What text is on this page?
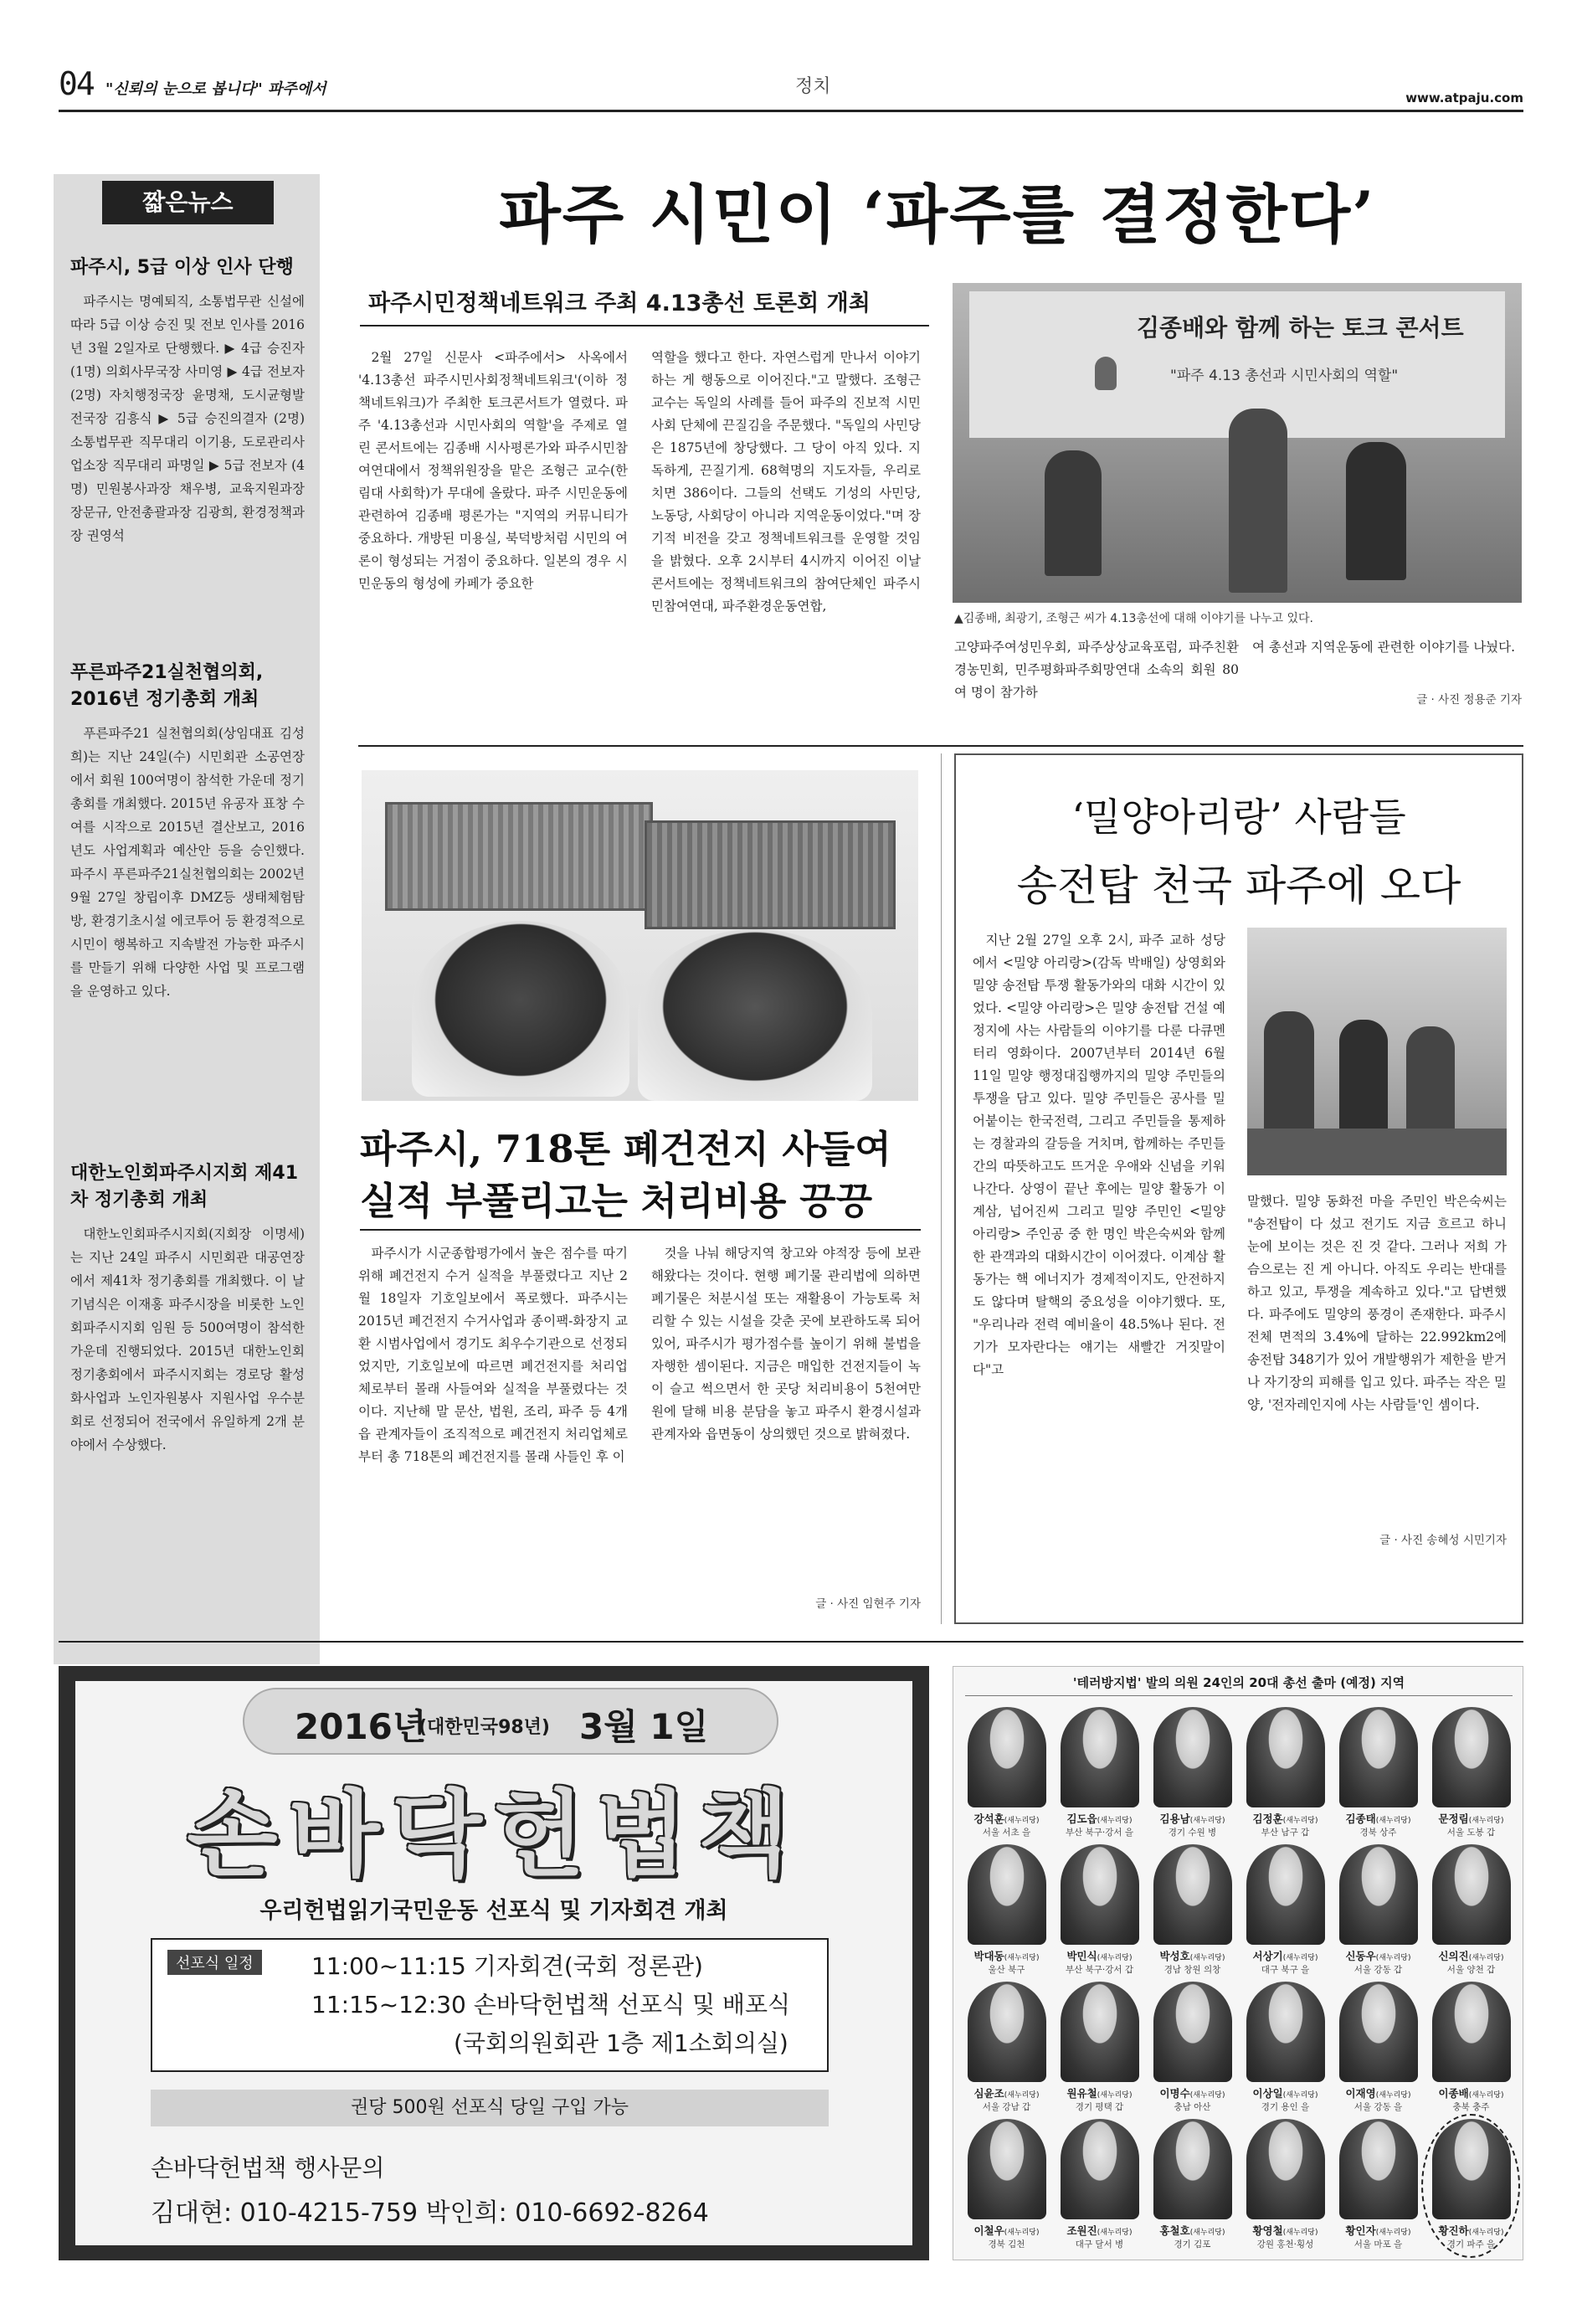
04 "신뢰의 눈으로 봅니다" 파주에서	정치
www.atpaju.com
짧은뉴스
파주시, 5급 이상 인사 단행
파주시는 명예퇴직, 소통법무관 신설에 따라 5급 이상 승진 및 전보 인사를 2016년 3월 2일자로 단행했다. ▶ 4급 승진자 (1명) 의회사무국장 사미영 ▶ 4급 전보자 (2명) 자치행정국장 윤명채, 도시균형발전국장 김흥식 ▶ 5급 승진의결자 (2명) 소통법무관 직무대리 이기용, 도로관리사업소장 직무대리 파명일 ▶ 5급 전보자 (4명) 민원봉사과장 채우병, 교육지원과장 장문규, 안전총괄과장 김광희, 환경정책과장 권영석
푸른파주21실천협의회, 2016년 정기총회 개최
푸른파주21 실천협의회(상임대표 김성희)는 지난 24일(수) 시민회관 소공연장에서 회원 100여명이 참석한 가운데 정기총회를 개최했다. 2015년 유공자 표창 수여를 시작으로 2015년 결산보고, 2016년도 사업계획과 예산안 등을 승인했다. 파주시 푸른파주21실천협의회는 2002년 9월 27일 창립이후 DMZ등 생태체험탐방, 환경기초시설 에코투어 등 환경적으로 시민이 행복하고 지속발전 가능한 파주시를 만들기 위해 다양한 사업 및 프로그램을 운영하고 있다.
대한노인회파주시지회 제41차 정기총회 개최
대한노인회파주시지회(지회장 이명세)는 지난 24일 파주시 시민회관 대공연장에서 제41차 정기총회를 개최했다. 이 날 기념식은 이재홍 파주시장을 비롯한 노인회파주시지회 임원 등 500여명이 참석한 가운데 진행되었다. 2015년 대한노인회 정기총회에서 파주시지회는 경로당 활성화사업과 노인자원봉사 지원사업 우수분회로 선정되어 전국에서 유일하게 2개 분야에서 수상했다.
파주 시민이 ‘파주를 결정한다’
파주시민정책네트워크 주최 4.13총선 토론회 개최
2월 27일 신문사 <파주에서> 사옥에서 '4.13총선 파주시민사회정책네트워크'(이하 정책네트워크)가 주최한 토크콘서트가 열렸다. 파주 '4.13총선과 시민사회의 역할'을 주제로 열린 콘서트에는 김종배 시사평론가와 파주시민참여연대에서 정책위원장을 맡은 조형근 교수(한림대 사회학)가 무대에 올랐다. 파주 시민운동에 관련하여 김종배 평론가는 "지역의 커뮤니티가 중요하다. 개방된 미용실, 북덕방처럼 시민의 여론이 형성되는 거점이 중요하다. 일본의 경우 시민운동의 형성에 카페가 중요한
역할을 했다고 한다. 자연스럽게 만나서 이야기하는 게 행동으로 이어진다."고 말했다. 조형근 교수는 독일의 사례를 들어 파주의 진보적 시민사회 단체에 끈질김을 주문했다. "독일의 사민당은 1875년에 창당했다. 그 당이 아직 있다. 지독하게, 끈질기게. 68혁명의 지도자들, 우리로 치면 386이다. 그들의 선택도 기성의 사민당, 노동당, 사회당이 아니라 지역운동이었다."며 장기적 비전을 갖고 정책네트워크를 운영할 것임을 밝혔다. 오후 2시부터 4시까지 이어진 이날 콘서트에는 정책네트워크의 참여단체인 파주시민참여연대, 파주환경운동연합,
김종배와 함께 하는 토크 콘서트
"파주 4.13 총선과 시민사회의 역할"
▲김종배, 최광기, 조형근 씨가 4.13총선에 대해 이야기를 나누고 있다.
고양파주여성민우회, 파주상상교육포럼, 파주친환경농민회, 민주평화파주회망연대 소속의 회원 80여 명이 참가하
여 총선과 지역운동에 관련한 이야기를 나눴다.
글 · 사진 정용준 기자
파주시, 718톤 폐건전지 사들여
실적 부풀리고는 처리비용 끙끙
파주시가 시군종합평가에서 높은 점수를 따기 위해 폐건전지 수거 실적을 부풀렸다고 지난 2월 18일자 기호일보에서 폭로했다. 파주시는 2015년 폐건전지 수거사업과 종이팩-화장지 교환 시범사업에서 경기도 최우수기관으로 선정되었지만, 기호일보에 따르면 폐건전지를 처리업체로부터 몰래 사들여와 실적을 부풀렸다는 것이다. 지난해 말 문산, 법원, 조리, 파주 등 4개 읍 관계자들이 조직적으로 폐건전지 처리업체로부터 총 718톤의 폐건전지를 몰래 사들인 후 이
것을 나눠 해당지역 창고와 야적장 등에 보관해왔다는 것이다. 현행 폐기물 관리법에 의하면 폐기물은 처분시설 또는 재활용이 가능토록 처리할 수 있는 시설을 갖춘 곳에 보관하도록 되어 있어, 파주시가 평가점수를 높이기 위해 불법을 자행한 셈이된다. 지금은 매입한 건전지들이 녹이 슬고 썩으면서 한 곳당 처리비용이 5천여만원에 달해 비용 분담을 놓고 파주시 환경시설과 관계자와 읍면동이 상의했던 것으로 밝혀졌다.
글 · 사진 임현주 기자
‘밀양아리랑’ 사람들
송전탑 천국 파주에 오다
지난 2월 27일 오후 2시, 파주 교하 성당에서 <밀양 아리랑>(감독 박배일) 상영회와 밀양 송전탑 투쟁 활동가와의 대화 시간이 있었다. <밀양 아리랑>은 밀양 송전탑 건설 예정지에 사는 사람들의 이야기를 다룬 다큐멘터리 영화이다. 2007년부터 2014년 6월 11일 밀양 행정대집행까지의 밀양 주민들의 투쟁을 담고 있다. 밀양 주민들은 공사를 밀어붙이는 한국전력, 그리고 주민들을 통제하는 경찰과의 갈등을 거치며, 합께하는 주민들간의 따뜻하고도 뜨거운 우애와 신념을 키워나간다. 상영이 끝난 후에는 밀양 활동가 이계삼, 넙어진씨 그리고 밀양 주민인 <밀양 아리랑> 주인공 중 한 명인 박은숙씨와 함께한 관객과의 대화시간이 이어졌다. 이계삼 활동가는 핵 에너지가 경제적이지도, 안전하지도 않다며 탈핵의 중요성을 이야기했다. 또, "우리나라 전력 예비율이 48.5%나 된다. 전기가 모자란다는 얘기는 새빨간 거짓말이다"고
말했다. 밀양 동화전 마을 주민인 박은숙씨는 "송전탑이 다 섰고 전기도 지금 흐르고 하니 눈에 보이는 것은 진 것 같다. 그러나 저희 가슴으로는 진 게 아니다. 아직도 우리는 반대를 하고 있고, 투쟁을 계속하고 있다."고 답변했다. 파주에도 밀양의 풍경이 존재한다. 파주시 전체 면적의 3.4%에 달하는 22.992km2에 송전탑 348기가 있어 개발행위가 제한을 받거나 자기장의 피해를 입고 있다. 파주는 작은 밀양, '전자레인지에 사는 사람들'인 셈이다.
글 · 사진 송혜성 시민기자
2016년
(대한민국98년) 3월 1일
손바닥헌법책
우리헌법읽기국민운동 선포식 및 기자회견 개최
선포식 일정	11:00~11:15 기자회견(국회 정론관)
11:15~12:30 손바닥헌법책 선포식 및 배포식
(국회의원회관 1층 제1소회의실)
권당 500원 선포식 당일 구입 가능
손바닥헌법책 행사문의
김대현: 010-4215-759 박인희: 010-6692-8264
'테러방지법' 발의 의원 24인의 20대 총선 출마 (예정) 지역
강석훈(새누리당)
서울 서초 을
김도읍(새누리당)
부산 북구·강서 을
김용남(새누리당)
경기 수원 병
김정훈(새누리당)
부산 남구 갑
김종태(새누리당)
경북 상주
문정림(새누리당)
서울 도봉 갑
박대동(새누리당)
울산 북구
박민식(새누리당)
부산 북구·강서 갑
박성호(새누리당)
경남 창원 의창
서상기(새누리당)
대구 북구 을
신동우(새누리당)
서울 강동 갑
신의진(새누리당)
서울 양천 갑
심윤조(새누리당)
서울 강남 갑
원유철(새누리당)
경기 평택 갑
이명수(새누리당)
충남 아산
이상일(새누리당)
경기 용인 을
이재영(새누리당)
서울 강동 을
이종배(새누리당)
충북 충주
이철우(새누리당)
경북 김천
조원진(새누리당)
대구 달서 병
홍철호(새누리당)
경기 김포
황영철(새누리당)
강원 홍천·횡성
황인자(새누리당)
서울 마포 을
황진하(새누리당)
경기 파주 을
